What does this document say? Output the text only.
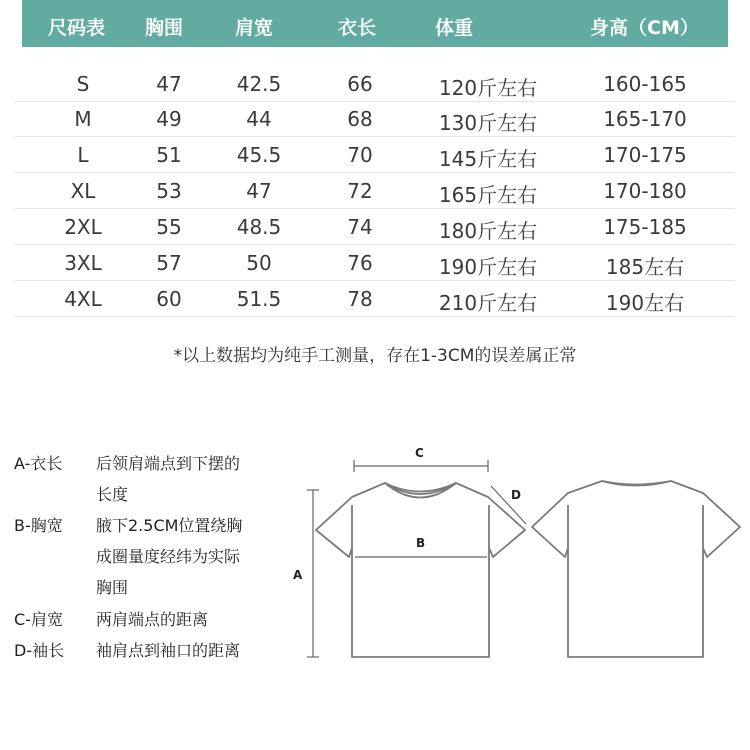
尺码表 胸围	肩宽	衣长	体重	身高（CM）
S	47	42.5	66	120斤左右	160-165
M	49	44	68	130斤左右	165-170
L	51	45.5	70	145斤左右	170-175
XL	53	47	72	165斤左右	170-180
2XL	55	48.5	74	180斤左右	175-185
3XL	57	50	76	190斤左右	185左右
4XL	60	51.5	78	210斤左右	190左右
*以上数据均为纯手工测量，存在1-3CM的误差属正常
A-衣长 后领肩端点到下摆的
长度
B-胸宽 腋下2.5CM位置绕胸
成圈量度经纬为实际
胸围
C-肩宽 两肩端点的距离
D-袖长 袖肩点到袖口的距离
C
B
A
D
